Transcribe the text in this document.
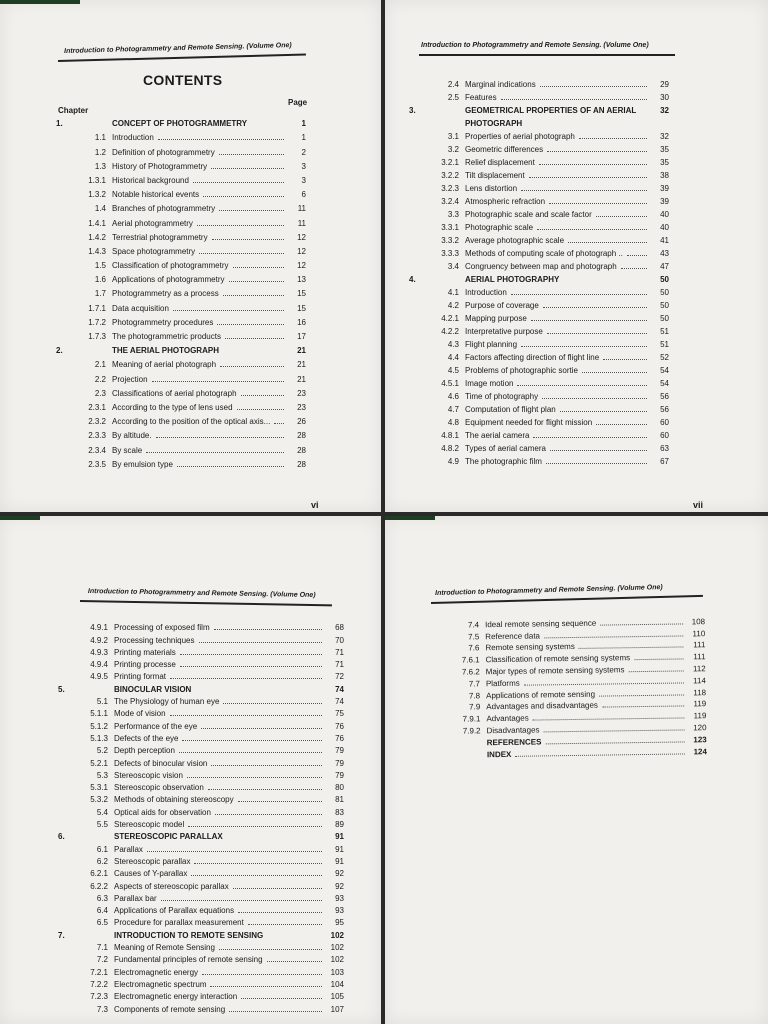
Introduction to Photogrammetry and Remote Sensing. (Volume One)
CONTENTS
Chapter
Page
1.	CONCEPT OF PHOTOGRAMMETRY	1
1.1 Introduction	1
1.2 Definition of photogrammetry	2
1.3 History of Photogrammetry	3
1.3.1 Historical background	3
1.3.2 Notable historical events	6
1.4 Branches of photogrammetry	11
1.4.1 Aerial photogrammetry	11
1.4.2 Terrestrial photogrammetry	12
1.4.3 Space photogrammetry	12
1.5 Classification of photogrammetry	12
1.6 Applications of photogrammetry	13
1.7 Photogrammetry as a process	15
1.7.1 Data acquisition	15
1.7.2 Photogrammetry procedures	16
1.7.3 The photogrammetric products	17
2.	THE AERIAL PHOTOGRAPH	21
2.1 Meaning of aerial photograph	21
2.2 Projection	21
2.3 Classifications of aerial photograph	23
2.3.1 According to the type of lens used	23
2.3.2 According to the position of the optical axis...	26
2.3.3 By altitude.	28
2.3.4 By scale	28
2.3.5 By emulsion type	28
vi
Introduction to Photogrammetry and Remote Sensing. (Volume One)
2.4 Marginal indications	29
2.5 Features	30
3.	GEOMETRICAL PROPERTIES OF AN AERIAL	32
PHOTOGRAPH
3.1 Properties of aerial photograph	32
3.2 Geometric differences	35
3.2.1 Relief displacement	35
3.2.2 Tilt displacement	38
3.2.3 Lens distortion	39
3.2.4 Atmospheric refraction	39
3.3 Photographic scale and scale factor	40
3.3.1 Photographic scale	40
3.3.2 Average photographic scale	41
3.3.3 Methods of computing scale of photograph ..	43
3.4 Congruency between map and photograph	47
4.	AERIAL PHOTOGRAPHY	50
4.1 Introduction	50
4.2 Purpose of coverage	50
4.2.1 Mapping purpose	50
4.2.2 Interpretative purpose	51
4.3 Flight planning	51
4.4 Factors affecting direction of flight line	52
4.5 Problems of photographic sortie	54
4.5.1 Image motion	54
4.6 Time of photography	56
4.7 Computation of flight plan	56
4.8 Equipment needed for flight mission	60
4.8.1 The aerial camera	60
4.8.2 Types of aerial camera	63
4.9 The photographic film	67
vii
Introduction to Photogrammetry and Remote Sensing. (Volume One)
4.9.1 Processing of exposed film	68
4.9.2 Processing techniques	70
4.9.3 Printing materials	71
4.9.4 Printing processe	71
4.9.5 Printing format	72
5.	BINOCULAR VISION	74
5.1 The Physiology of human eye	74
5.1.1 Mode of vision	75
5.1.2 Performance of the eye	76
5.1.3 Defects of the eye	76
5.2 Depth perception	79
5.2.1 Defects of binocular vision	79
5.3 Stereoscopic vision	79
5.3.1 Stereoscopic observation	80
5.3.2 Methods of obtaining stereoscopy	81
5.4 Optical aids for observation	83
5.5 Stereoscopic model	89
6.	STEREOSCOPIC PARALLAX	91
6.1 Parallax	91
6.2 Stereoscopic parallax	91
6.2.1 Causes of Y-parallax	92
6.2.2 Aspects of stereoscopic parallax	92
6.3 Parallax bar	93
6.4 Applications of Parallax equations	93
6.5 Procedure for parallax measurement	95
7.	INTRODUCTION TO REMOTE SENSING	102
7.1 Meaning of Remote Sensing	102
7.2 Fundamental principles of remote sensing	102
7.2.1 Electromagnetic energy	103
7.2.2 Electromagnetic spectrum	104
7.2.3 Electromagnetic energy interaction	105
7.3 Components of remote sensing	107
Introduction to Photogrammetry and Remote Sensing. (Volume One)
7.4 Ideal remote sensing sequence	108
7.5 Reference data	110
7.6 Remote sensing systems	111
7.6.1 Classification of remote sensing systems	111
7.6.2 Major types of remote sensing systems	112
7.7 Platforms	114
7.8 Applications of remote sensing	118
7.9 Advantages and disadvantages	119
7.9.1 Advantages	119
7.9.2 Disadvantages	120
REFERENCES	123
INDEX	124
